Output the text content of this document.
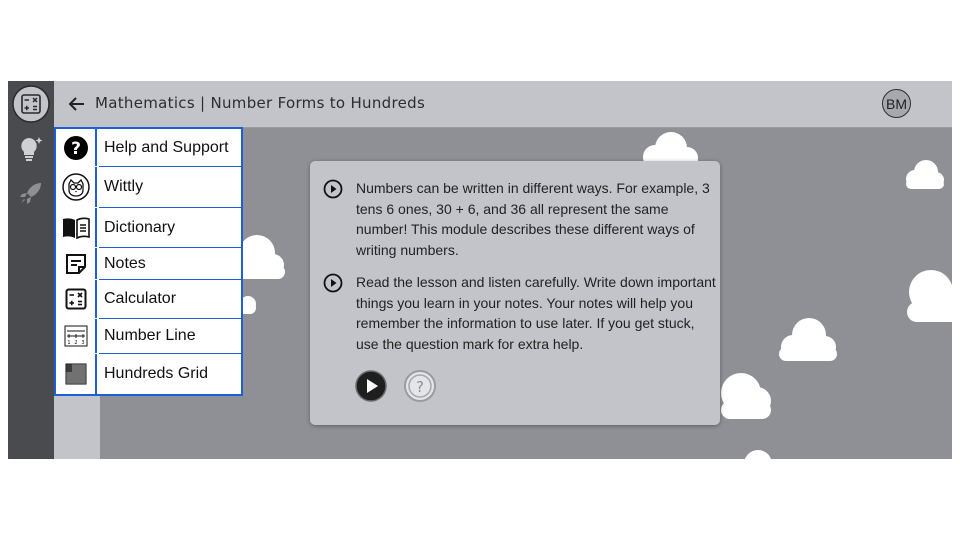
Mathematics | Number Forms to Hundreds	BM
?	Help and Support
Wittly
Dictionary
Notes
Calculator
1 2 3	Number Line
Hundreds Grid
Numbers can be written in different ways. For example, 3 tens 6 ones, 30 + 6, and 36 all represent the same number! This module describes these different ways of writing numbers.
Read the lesson and listen carefully. Write down important things you learn in your notes. Your notes will help you remember the information to use later. If you get stuck, use the question mark for extra help.
?
